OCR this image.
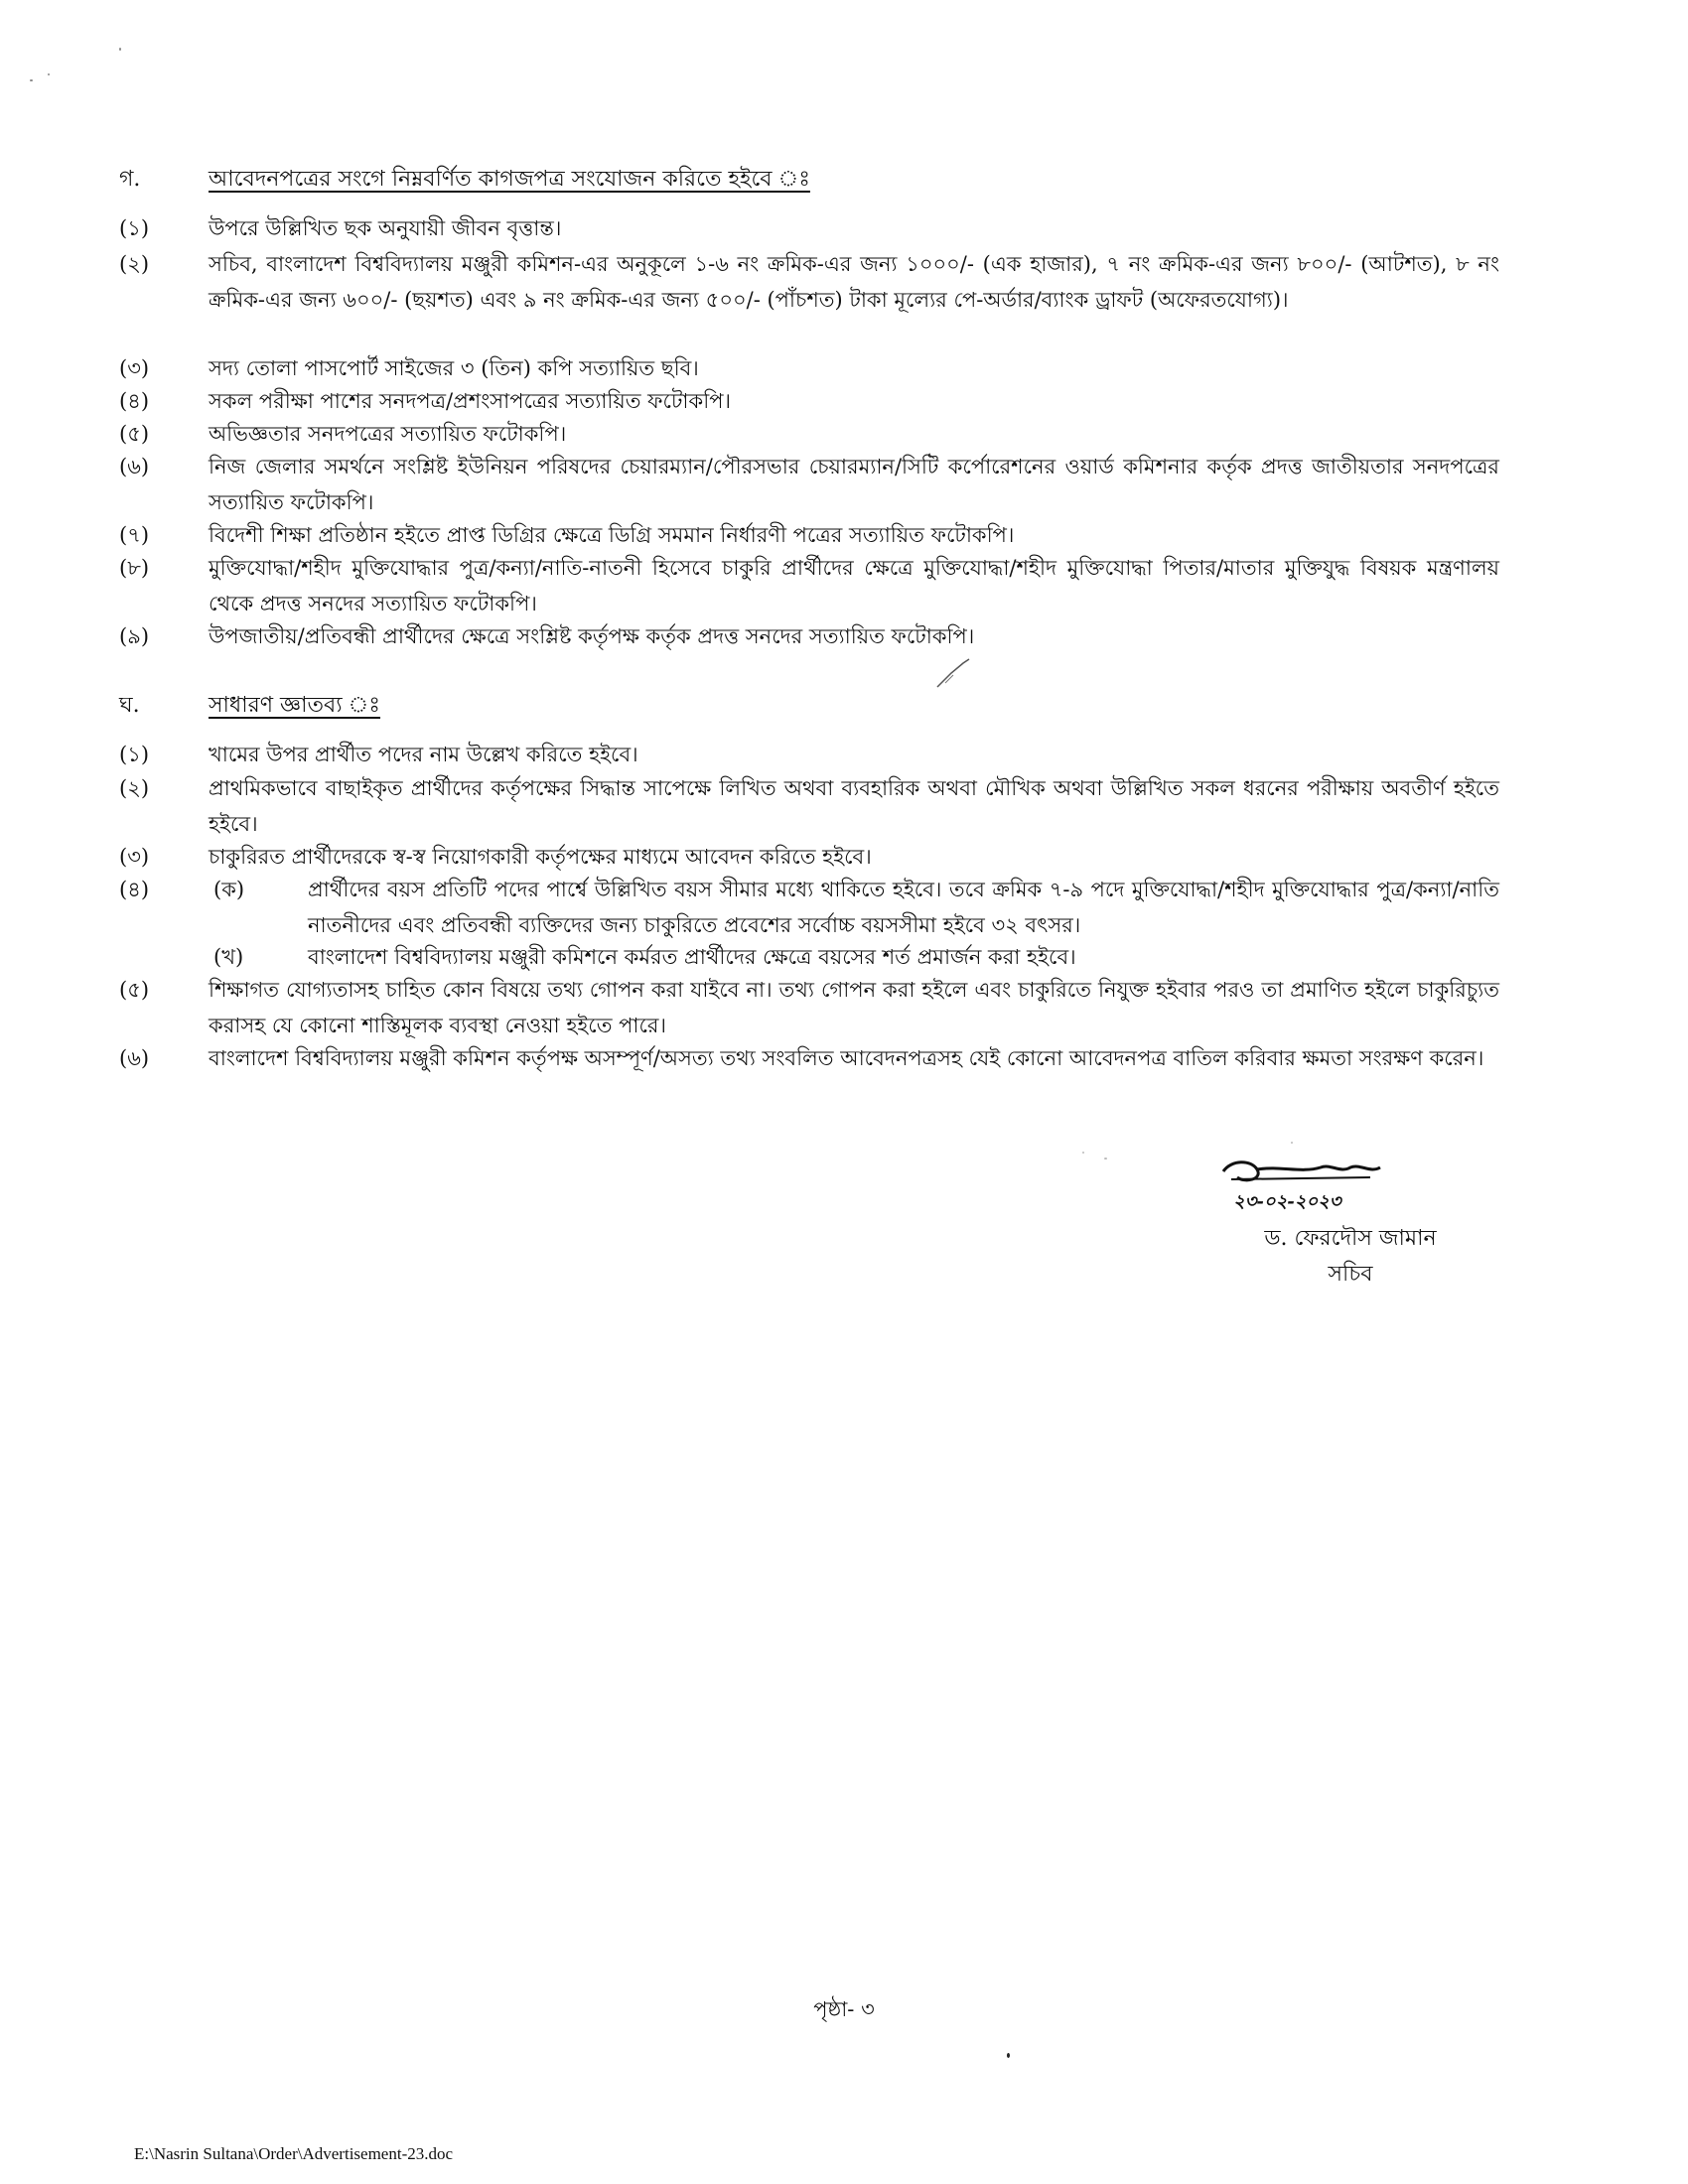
গ.	আবেদনপত্রের সংগে নিম্নবর্ণিত কাগজপত্র সংযোজন করিতে হইবে ঃ
(১)	উপরে উল্লিখিত ছক অনুযায়ী জীবন বৃত্তান্ত।
(২)	সচিব, বাংলাদেশ বিশ্ববিদ্যালয় মঞ্জুরী কমিশন-এর অনুকূলে ১-৬ নং ক্রমিক-এর জন্য ১০০০/- (এক হাজার), ৭ নং ক্রমিক-এর জন্য ৮০০/- (আটশত), ৮ নং ক্রমিক-এর জন্য ৬০০/- (ছয়শত) এবং ৯ নং ক্রমিক-এর জন্য ৫০০/- (পাঁচশত) টাকা মূল্যের পে-অর্ডার/ব্যাংক ড্রাফট (অফেরতযোগ্য)।
(৩)	সদ্য তোলা পাসপোর্ট সাইজের ৩ (তিন) কপি সত্যায়িত ছবি।
(৪)	সকল পরীক্ষা পাশের সনদপত্র/প্রশংসাপত্রের সত্যায়িত ফটোকপি।
(৫)	অভিজ্ঞতার সনদপত্রের সত্যায়িত ফটোকপি।
(৬)	নিজ জেলার সমর্থনে সংশ্লিষ্ট ইউনিয়ন পরিষদের চেয়ারম্যান/পৌরসভার চেয়ারম্যান/সিটি কর্পোরেশনের ওয়ার্ড কমিশনার কর্তৃক প্রদত্ত জাতীয়তার সনদপত্রের সত্যায়িত ফটোকপি।
(৭)	বিদেশী শিক্ষা প্রতিষ্ঠান হইতে প্রাপ্ত ডিগ্রির ক্ষেত্রে ডিগ্রি সমমান নির্ধারণী পত্রের সত্যায়িত ফটোকপি।
(৮)	মুক্তিযোদ্ধা/শহীদ মুক্তিযোদ্ধার পুত্র/কন্যা/নাতি-নাতনী হিসেবে চাকুরি প্রার্থীদের ক্ষেত্রে মুক্তিযোদ্ধা/শহীদ মুক্তিযোদ্ধা পিতার/মাতার মুক্তিযুদ্ধ বিষয়ক মন্ত্রণালয় থেকে প্রদত্ত সনদের সত্যায়িত ফটোকপি।
(৯)	উপজাতীয়/প্রতিবন্ধী প্রার্থীদের ক্ষেত্রে সংশ্লিষ্ট কর্তৃপক্ষ কর্তৃক প্রদত্ত সনদের সত্যায়িত ফটোকপি।
ঘ.	সাধারণ জ্ঞাতব্য ঃ
(১)	খামের উপর প্রার্থীত পদের নাম উল্লেখ করিতে হইবে।
(২)	প্রাথমিকভাবে বাছাইকৃত প্রার্থীদের কর্তৃপক্ষের সিদ্ধান্ত সাপেক্ষে লিখিত অথবা ব্যবহারিক অথবা মৌখিক অথবা উল্লিখিত সকল ধরনের পরীক্ষায় অবতীর্ণ হইতে হইবে।
(৩)	চাকুরিরত প্রার্থীদেরকে স্ব-স্ব নিয়োগকারী কর্তৃপক্ষের মাধ্যমে আবেদন করিতে হইবে।
(৪)	(ক)	প্রার্থীদের বয়স প্রতিটি পদের পার্শ্বে উল্লিখিত বয়স সীমার মধ্যে থাকিতে হইবে। তবে ক্রমিক ৭-৯ পদে মুক্তিযোদ্ধা/শহীদ মুক্তিযোদ্ধার পুত্র/কন্যা/নাতি নাতনীদের এবং প্রতিবন্ধী ব্যক্তিদের জন্য চাকুরিতে প্রবেশের সর্বোচ্চ বয়সসীমা হইবে ৩২ বৎসর।
(খ)	বাংলাদেশ বিশ্ববিদ্যালয় মঞ্জুরী কমিশনে কর্মরত প্রার্থীদের ক্ষেত্রে বয়সের শর্ত প্রমার্জন করা হইবে।
(৫)	শিক্ষাগত যোগ্যতাসহ চাহিত কোন বিষয়ে তথ্য গোপন করা যাইবে না। তথ্য গোপন করা হইলে এবং চাকুরিতে নিযুক্ত হইবার পরও তা প্রমাণিত হইলে চাকুরিচ্যুত করাসহ যে কোনো শাস্তিমূলক ব্যবস্থা নেওয়া হইতে পারে।
(৬)	বাংলাদেশ বিশ্ববিদ্যালয় মঞ্জুরী কমিশন কর্তৃপক্ষ অসম্পূর্ণ/অসত্য তথ্য সংবলিত আবেদনপত্রসহ যেই কোনো আবেদনপত্র বাতিল করিবার ক্ষমতা সংরক্ষণ করেন।
২৩-০২-২০২৩
ড. ফেরদৌস জামান
সচিব
পৃষ্ঠা- ৩
E:\Nasrin Sultana\Order\Advertisement-23.doc
